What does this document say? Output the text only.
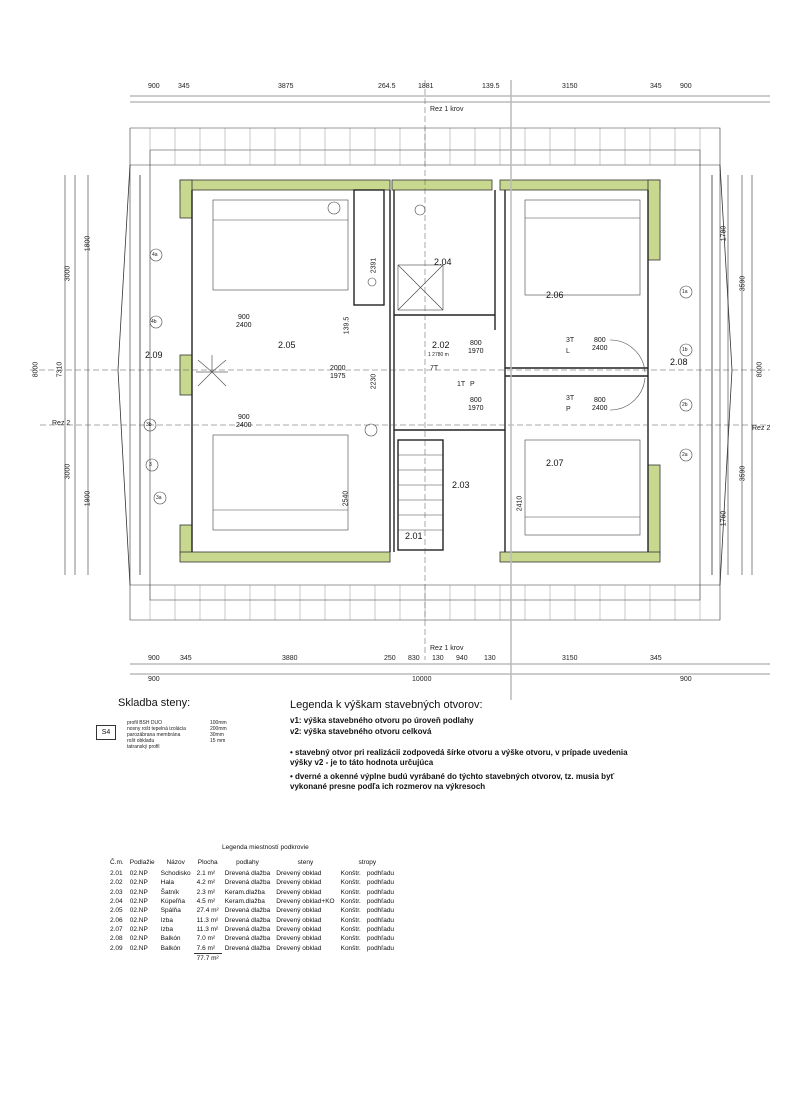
900	345	3875	264.5	1881	139.5	3150	345	900
Rez 1 krov
900	345	3880	250 830 130 940 130	3150	345
900
900	10000
Rez 1 krov
8000 7310
3000
3000
1800
1900
8000
3590
3590
1780
1760
Rez 2
Rez 2
2.05
2.04
2.06
2.02
2.09
2.08
2.03
2.07
2.01
900
2400
900
2400
2000
1975
800
2400
800
2400
800
1970
800
1970
3T
L
3T
P
1T P
7T
1 2780 m
4a
4b
3b
3
3a
1a
1b
2b
2a
2391
139.5
2230
2540	2410
Skladba steny:
S4
profil BSH DUO
nosny rošt tepelná izolácia
parozábrana membrána
rošt obkladu
tatranský profil
100mm
200mm
30mm
15 mm
Legenda k výškam stavebných otvorov:
v1: výška stavebného otvoru po úroveň podlahy
v2: výška stavebného otvoru celková
• stavebný otvor pri realizácii zodpovedá šírke otvoru a výške otvoru, v prípade uvedenia výšky v2 - je to táto hodnota určujúca
• dverné a okenné výplne budú vyrábané do týchto stavebných otvorov, tz. musia byť vykonané presne podľa ich rozmerov na výkresoch
Legenda miestností podkrovie
Č.m.	Podlažie	Názov	Plocha	podlahy	steny	stropy	
2.01	02.NP	Schodisko	2.1 m²	Drevená dlažba	Drevený obklad	Konštr.	podhľadu
2.02	02.NP	Hala	4.2 m²	Drevená dlažba	Drevený obklad	Konštr.	podhľadu
2.03	02.NP	Šatník	2.3 m²	Keram.dlažba	Drevený obklad	Konštr.	podhľadu
2.04	02.NP	Kúpeľňa	4.5 m²	Keram.dlažba	Drevený obklad+KO	Konštr.	podhľadu
2.05	02.NP	Spálňa	27.4 m²	Drevená dlažba	Drevený obklad	Konštr.	podhľadu
2.06	02.NP	Izba	11.3 m²	Drevená dlažba	Drevený obklad	Konštr.	podhľadu
2.07	02.NP	Izba	11.3 m²	Drevená dlažba	Drevený obklad	Konštr.	podhľadu
2.08	02.NP	Balkón	7.0 m²	Drevená dlažba	Drevený obklad	Konštr.	podhľadu
2.09	02.NP	Balkón	7.6 m²	Drevená dlažba	Drevený obklad	Konštr.	podhľadu
			77.7 m²				
